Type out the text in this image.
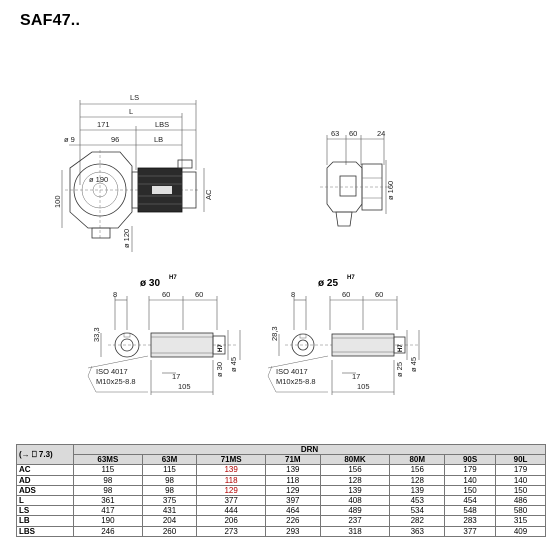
SAF47..
LS
L
171	LBS
96	LB
ø 9
ø 190
ø 120
100
AC
63 60	24
ø 160
ø 30 H7
8	60	60
33,3
ø 30
H7
ø 45
17
105
ISO 4017
M10x25-8.8
ø 25 H7
8	60	60
28,3
ø 25
H7
ø 45
17
105
ISO 4017
M10x25-8.8
(→ ⎕ 7.3)	DRN							
	63MS	63M	71MS	71M	80MK	80M	90S	90L
AC	115	115	139	139	156	156	179	179
AD	98	98	118	118	128	128	140	140
ADS	98	98	129	129	139	139	150	150
L	361	375	377	397	408	453	454	486
LS	417	431	444	464	489	534	548	580
LB	190	204	206	226	237	282	283	315
LBS	246	260	273	293	318	363	377	409
